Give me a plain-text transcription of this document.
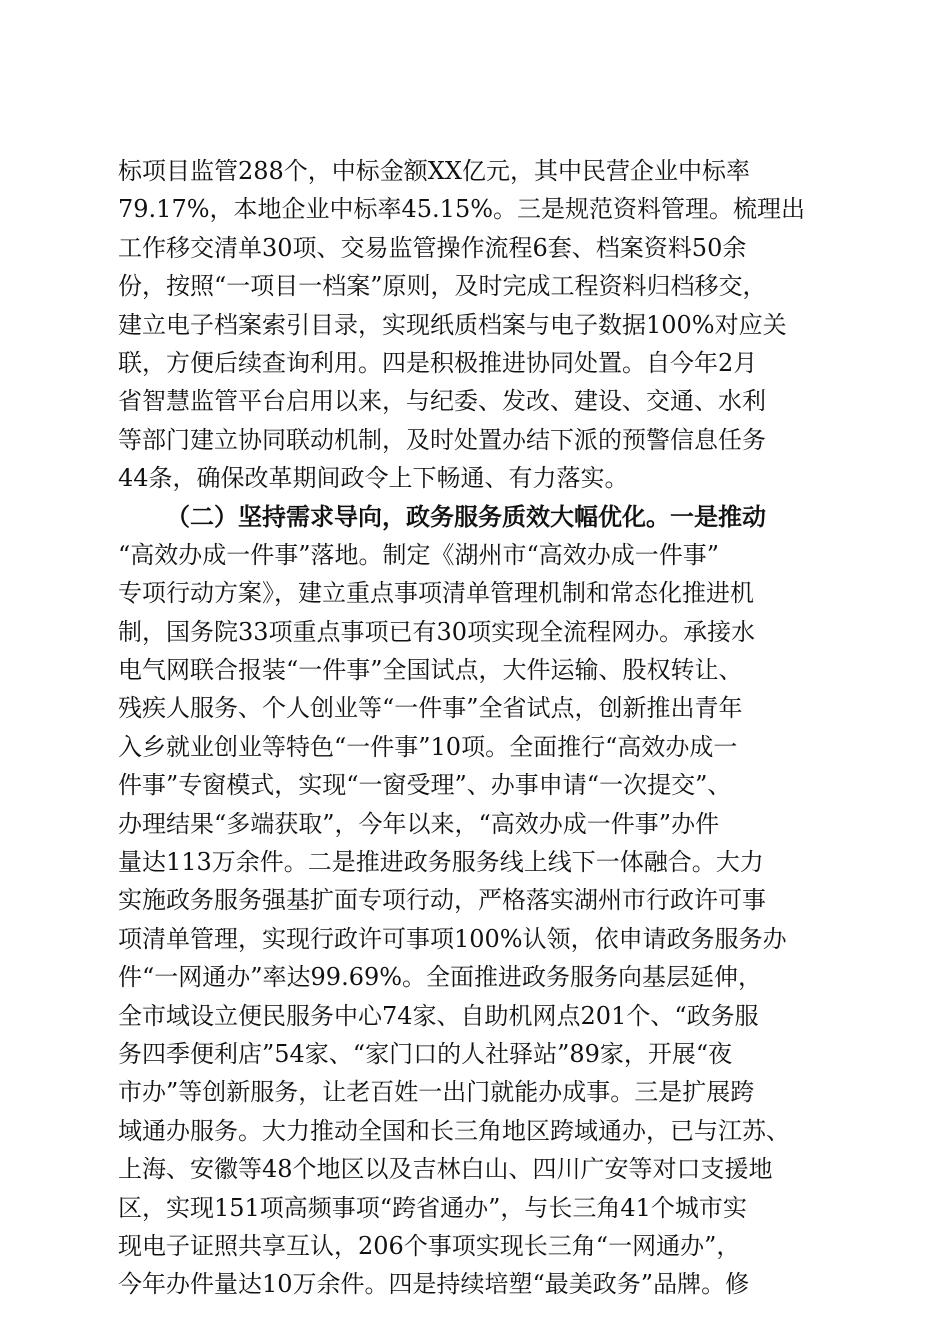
标项目监管288个，中标金额XX亿元，其中民营企业中标率
79.17%，本地企业中标率45.15%。三是规范资料管理。梳理出
工作移交清单30项、交易监管操作流程6套、档案资料50余
份，按照“一项目一档案”原则，及时完成工程资料归档移交，
建立电子档案索引目录，实现纸质档案与电子数据100%对应关
联，方便后续查询利用。四是积极推进协同处置。自今年2月
省智慧监管平台启用以来，与纪委、发改、建设、交通、水利
等部门建立协同联动机制，及时处置办结下派的预警信息任务
44条，确保改革期间政令上下畅通、有力落实。
（二）坚持需求导向，政务服务质效大幅优化。一是推动
“高效办成一件事”落地。制定《湖州市“高效办成一件事”
专项行动方案》，建立重点事项清单管理机制和常态化推进机
制，国务院33项重点事项已有30项实现全流程网办。承接水
电气网联合报装“一件事”全国试点，大件运输、股权转让、
残疾人服务、个人创业等“一件事”全省试点，创新推出青年
入乡就业创业等特色“一件事”10项。全面推行“高效办成一
件事”专窗模式，实现“一窗受理”、办事申请“一次提交”、
办理结果“多端获取”，今年以来，“高效办成一件事”办件
量达113万余件。二是推进政务服务线上线下一体融合。大力
实施政务服务强基扩面专项行动，严格落实湖州市行政许可事
项清单管理，实现行政许可事项100%认领，依申请政务服务办
件“一网通办”率达99.69%。全面推进政务服务向基层延伸，
全市域设立便民服务中心74家、自助机网点201个、“政务服
务四季便利店”54家、“家门口的人社驿站”89家，开展“夜
市办”等创新服务，让老百姓一出门就能办成事。三是扩展跨
域通办服务。大力推动全国和长三角地区跨域通办，已与江苏、
上海、安徽等48个地区以及吉林白山、四川广安等对口支援地
区，实现151项高频事项“跨省通办”，与长三角41个城市实
现电子证照共享互认，206个事项实现长三角“一网通办”，
今年办件量达10万余件。四是持续培塑“最美政务”品牌。修
